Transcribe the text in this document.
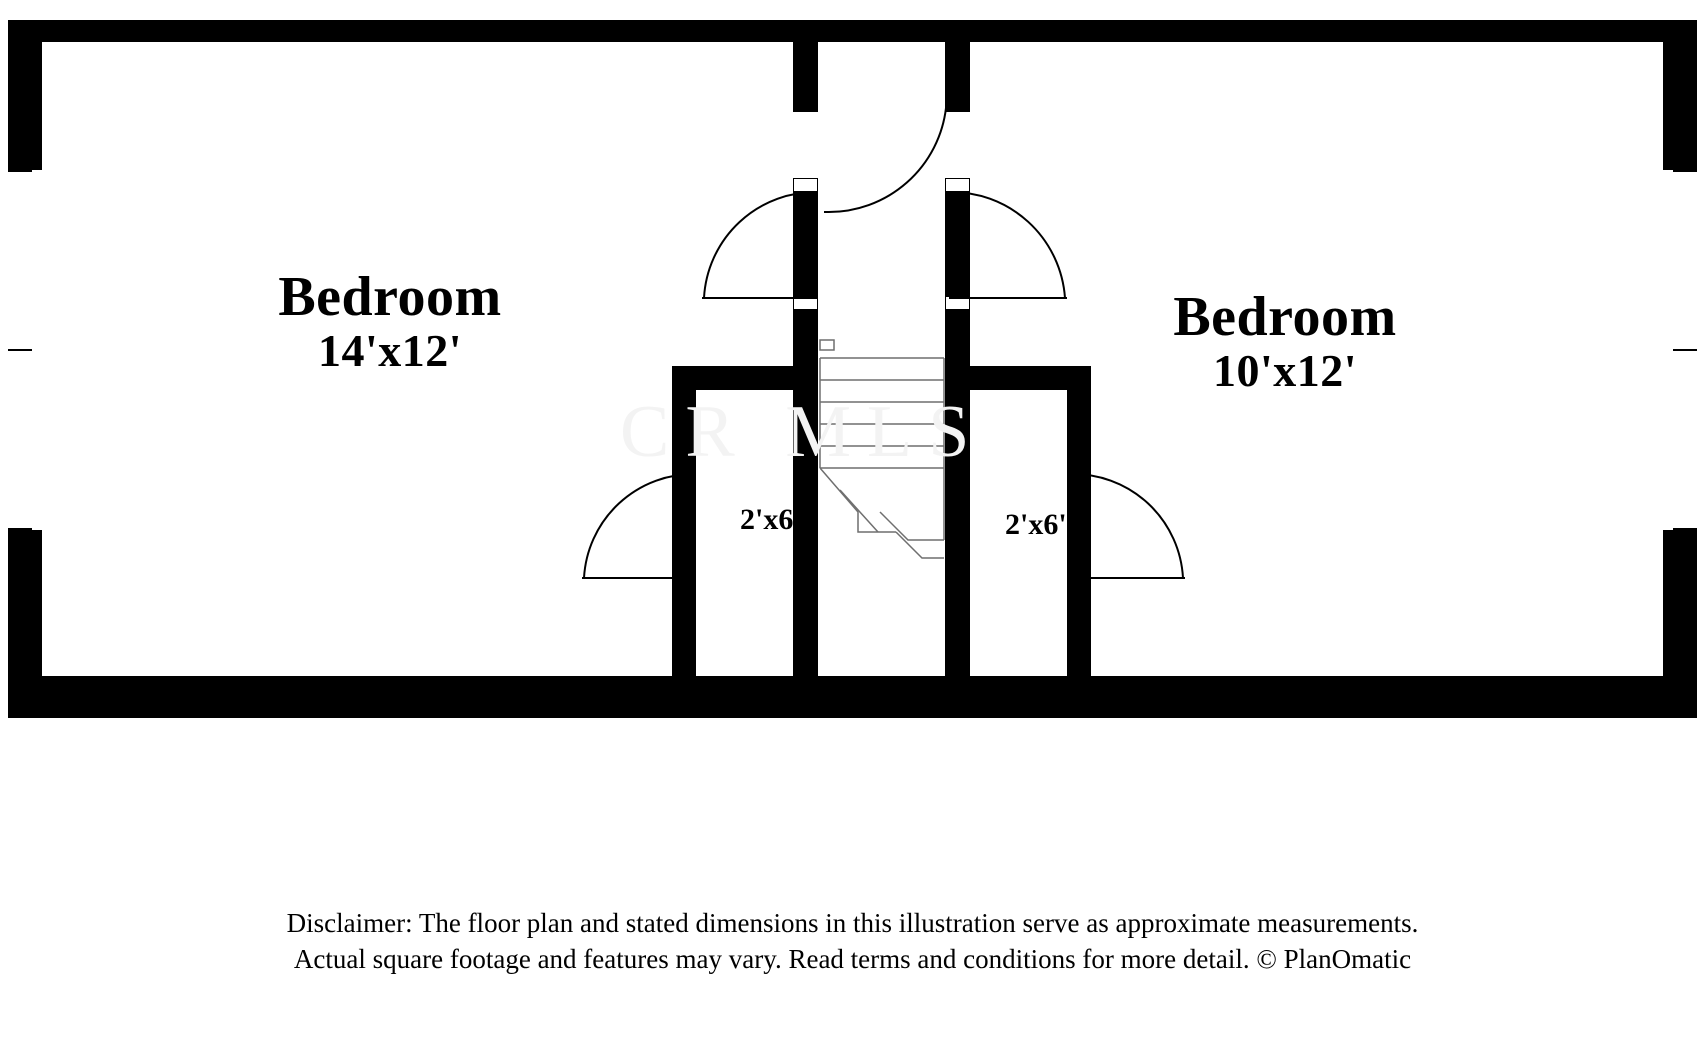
CR MLS
Bedroom
14'x12'
Bedroom
10'x12'
2'x6'	2'x6'
Disclaimer: The floor plan and stated dimensions in this illustration serve as approximate measurements.
Actual square footage and features may vary. Read terms and conditions for more detail. © PlanOmatic
